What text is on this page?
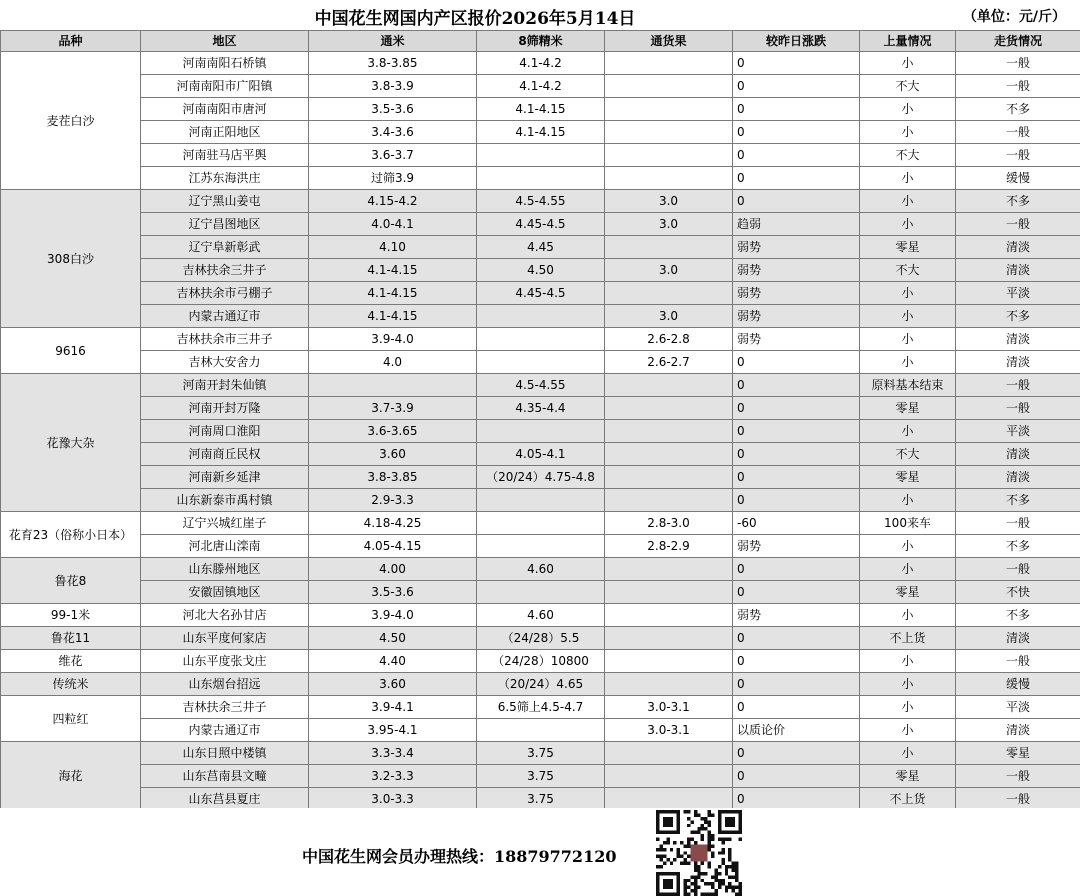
中国花生网国内产区报价2026年5月14日	（单位：元/斤）
品种	地区	通米	8筛精米	通货果	较昨日涨跌	上量情况	走货情况
麦茬白沙	河南南阳石桥镇	3.8-3.85	4.1-4.2		0	小	一般
	河南南阳市广阳镇	3.8-3.9	4.1-4.2		0	不大	一般
	河南南阳市唐河	3.5-3.6	4.1-4.15		0	小	不多
	河南正阳地区	3.4-3.6	4.1-4.15		0	小	一般
	河南驻马店平舆	3.6-3.7			0	不大	一般
	江苏东海洪庄	过筛3.9			0	小	缓慢
308白沙	辽宁黑山姜屯	4.15-4.2	4.5-4.55	3.0	0	小	不多
	辽宁昌图地区	4.0-4.1	4.45-4.5	3.0	趋弱	小	一般
	辽宁阜新彰武	4.10	4.45		弱势	零星	清淡
	吉林扶余三井子	4.1-4.15	4.50	3.0	弱势	不大	清淡
	吉林扶余市弓棚子	4.1-4.15	4.45-4.5		弱势	小	平淡
	内蒙古通辽市	4.1-4.15		3.0	弱势	小	不多
9616	吉林扶余市三井子	3.9-4.0		2.6-2.8	弱势	小	清淡
	吉林大安舍力	4.0		2.6-2.7	0	小	清淡
花豫大杂	河南开封朱仙镇		4.5-4.55		0	原料基本结束	一般
	河南开封万隆	3.7-3.9	4.35-4.4		0	零星	一般
	河南周口淮阳	3.6-3.65			0	小	平淡
	河南商丘民权	3.60	4.05-4.1		0	不大	清淡
	河南新乡延津	3.8-3.85	（20/24）4.75-4.8		0	零星	清淡
	山东新泰市禹村镇	2.9-3.3			0	小	不多
花育23（俗称小日本）	辽宁兴城红崖子	4.18-4.25		2.8-3.0	-60	100来车	一般
	河北唐山滦南	4.05-4.15		2.8-2.9	弱势	小	不多
鲁花8	山东滕州地区	4.00	4.60		0	小	一般
	安徽固镇地区	3.5-3.6			0	零星	不快
99-1米	河北大名孙甘店	3.9-4.0	4.60		弱势	小	不多
鲁花11	山东平度何家店	4.50	（24/28）5.5		0	不上货	清淡
维花	山东平度张戈庄	4.40	（24/28）10800		0	小	一般
传统米	山东烟台招远	3.60	（20/24）4.65		0	小	缓慢
四粒红	吉林扶余三井子	3.9-4.1	6.5筛上4.5-4.7	3.0-3.1	0	小	平淡
	内蒙古通辽市	3.95-4.1		3.0-3.1	以质论价	小	清淡
海花	山东日照中楼镇	3.3-3.4	3.75		0	小	零星
	山东莒南县文疃	3.2-3.3	3.75		0	零星	一般
	山东莒县夏庄	3.0-3.3	3.75		0	不上货	一般
中国花生网会员办理热线：18879772120
